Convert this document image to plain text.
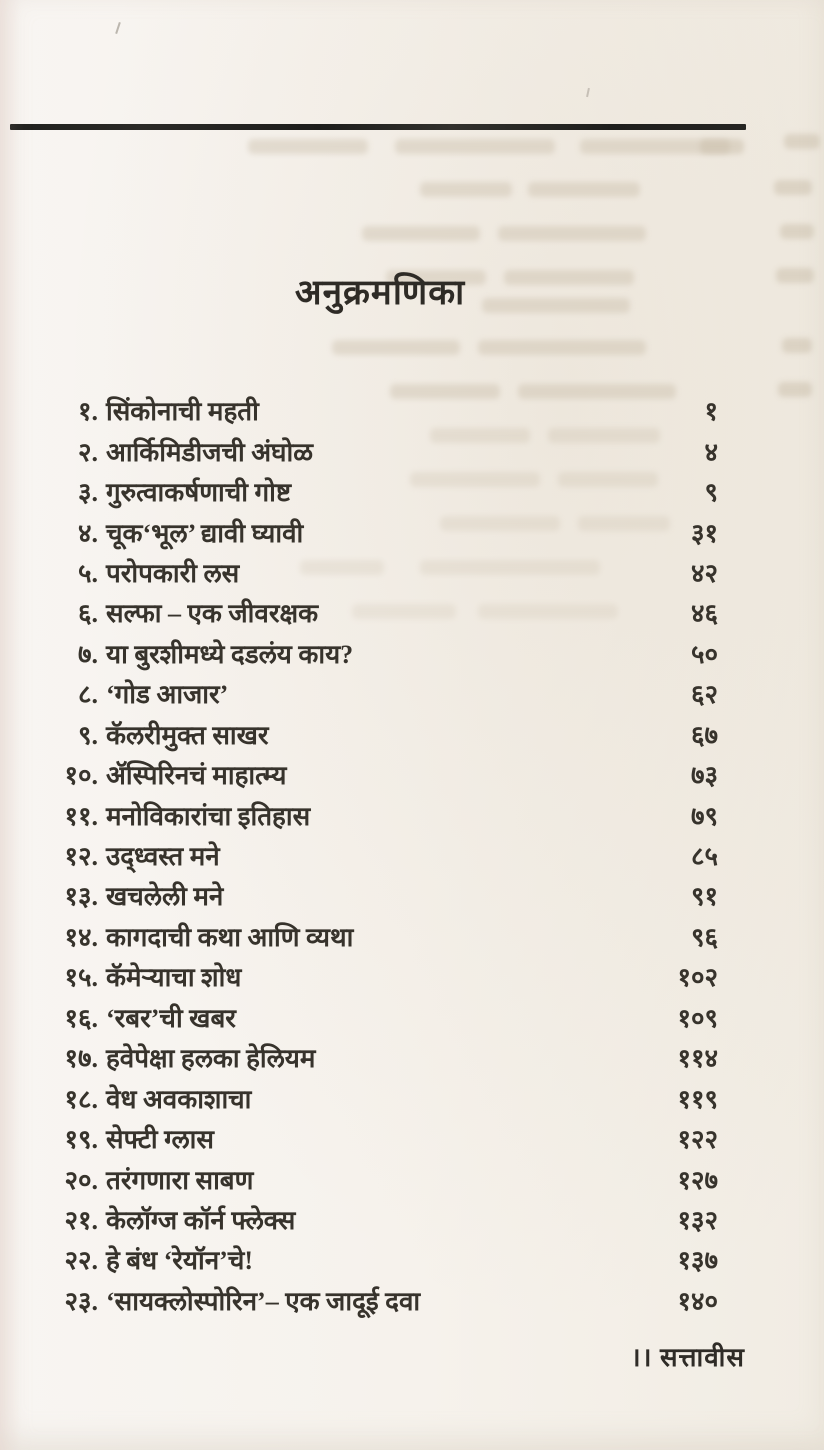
अनुक्रमणिका
१. सिंकोनाची महती	१
२. आर्किमिडीजची अंघोळ	४
३. गुरुत्वाकर्षणाची गोष्ट	९
४. चूक‘भूल’ द्यावी घ्यावी	३१
५. परोपकारी लस	४२
६. सल्फा – एक जीवरक्षक	४६
७. या बुरशीमध्ये दडलंय काय?	५०
८. ‘गोड आजार’	६२
९. कॅलरीमुक्त साखर	६७
१०. ॲस्पिरिनचं माहात्म्य	७३
११. मनोविकारांचा इतिहास	७९
१२. उद्ध्वस्त मने	८५
१३. खचलेली मने	९१
१४. कागदाची कथा आणि व्यथा	९६
१५. कॅमेऱ्याचा शोध	१०२
१६. ‘रबर’ची खबर	१०९
१७. हवेपेक्षा हलका हेलियम	११४
१८. वेध अवकाशाचा	११९
१९. सेफ्टी ग्लास	१२२
२०. तरंगणारा साबण	१२७
२१. केलॉग्ज कॉर्न फ्लेक्स	१३२
२२. हे बंध ‘रेयॉन’चे!	१३७
२३. ‘सायक्लोस्पोरिन’– एक जादूई दवा	१४०
।। सत्तावीस
